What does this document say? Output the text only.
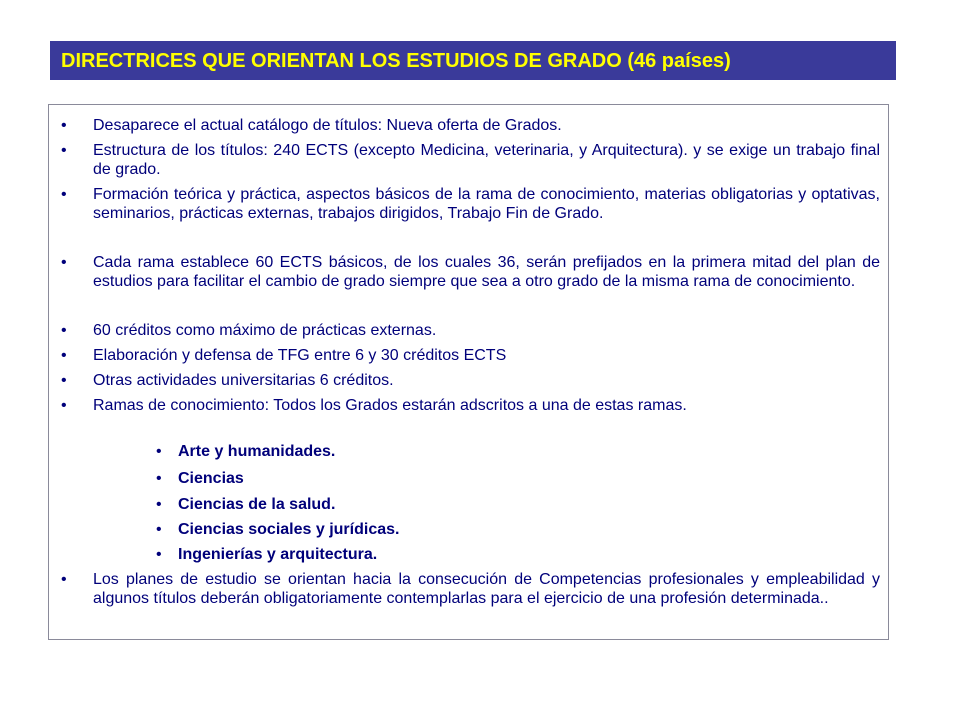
DIRECTRICES QUE ORIENTAN LOS ESTUDIOS DE GRADO (46 países)
• Desaparece el actual catálogo de títulos: Nueva oferta de Grados.
• Estructura de los títulos: 240 ECTS (excepto Medicina, veterinaria, y Arquitectura). y se exige un trabajo final de grado.
• Formación teórica y práctica, aspectos básicos de la rama de conocimiento, materias obligatorias y optativas, seminarios, prácticas externas, trabajos dirigidos, Trabajo Fin de Grado.
• Cada rama establece 60 ECTS básicos, de los cuales 36, serán prefijados en la primera mitad del plan de estudios para facilitar el cambio de grado siempre que sea a otro grado de la misma rama de conocimiento.
• 60 créditos como máximo de prácticas externas.
• Elaboración y defensa de TFG entre 6 y 30 créditos ECTS
• Otras actividades universitarias 6 créditos.
• Ramas de conocimiento: Todos los Grados estarán adscritos a una de estas ramas.
• Arte y humanidades.
• Ciencias
• Ciencias de la salud.
• Ciencias sociales y jurídicas.
• Ingenierías y arquitectura.
• Los planes de estudio se orientan hacia la consecución de Competencias profesionales y empleabilidad y algunos títulos deberán obligatoriamente contemplarlas para el ejercicio de una profesión determinada..
